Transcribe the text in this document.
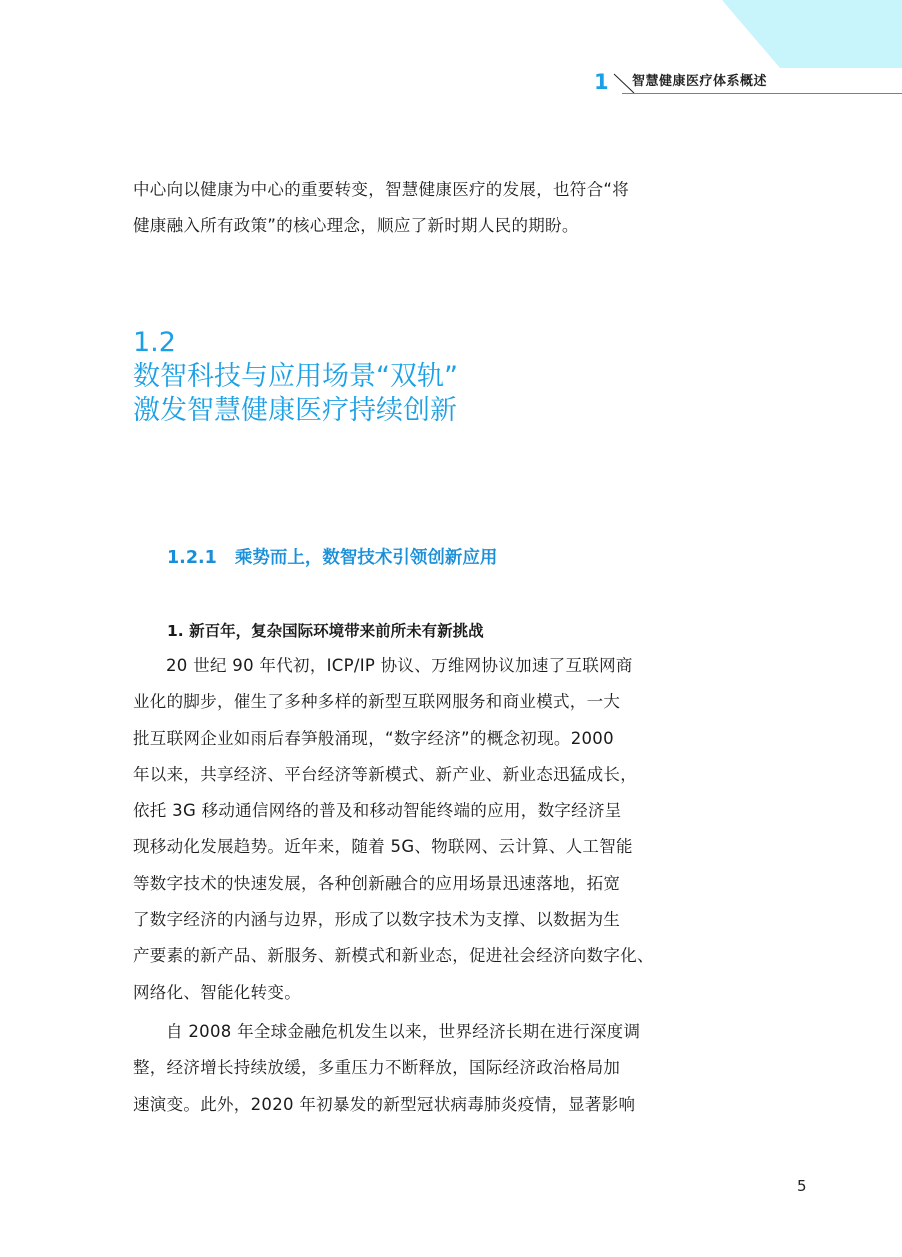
1 智慧健康医疗体系概述
中心向以健康为中心的重要转变，智慧健康医疗的发展，也符合“将
健康融入所有政策”的核心理念，顺应了新时期人民的期盼。
1.2
数智科技与应用场景“双轨”
激发智慧健康医疗持续创新
1.2.1 乘势而上，数智技术引领创新应用
1. 新百年，复杂国际环境带来前所未有新挑战
20 世纪 90 年代初，ICP/IP 协议、万维网协议加速了互联网商
业化的脚步，催生了多种多样的新型互联网服务和商业模式，一大
批互联网企业如雨后春笋般涌现，“数字经济”的概念初现。2000
年以来，共享经济、平台经济等新模式、新产业、新业态迅猛成长，
依托 3G 移动通信网络的普及和移动智能终端的应用，数字经济呈
现移动化发展趋势。近年来，随着 5G、物联网、云计算、人工智能
等数字技术的快速发展，各种创新融合的应用场景迅速落地，拓宽
了数字经济的内涵与边界，形成了以数字技术为支撑、以数据为生
产要素的新产品、新服务、新模式和新业态，促进社会经济向数字化、
网络化、智能化转变。
自 2008 年全球金融危机发生以来，世界经济长期在进行深度调
整，经济增长持续放缓，多重压力不断释放，国际经济政治格局加
速演变。此外，2020 年初暴发的新型冠状病毒肺炎疫情，显著影响
5
